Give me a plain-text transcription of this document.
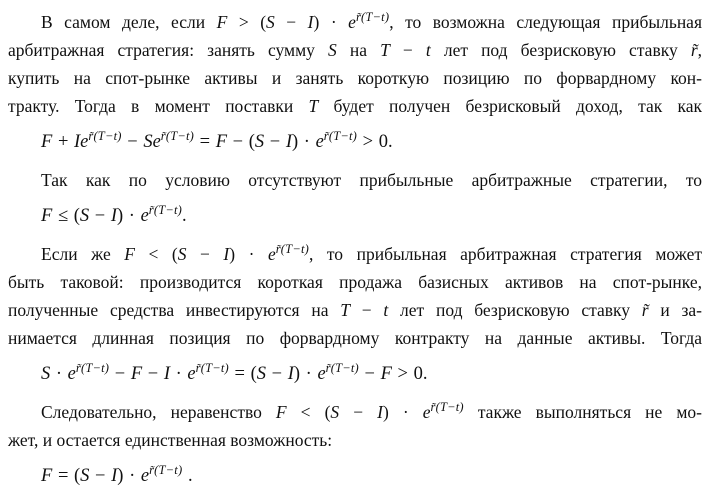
В самом деле, если $F > (S - I) \cdot e^{r̃(T-t)}$, то возможна следующая прибыльная
арбитражная стратегия: занять сумму S на T − t лет под безрисковую ставку r̃,
купить на спот-рынке активы и занять короткую позицию по форвардному кон-
тракту. Тогда в момент поставки T будет получен безрисковый доход, так как
$F + Ie^{r̃(T-t)} - Se^{r̃(T-t)} = F - (S - I) \cdot e^{r̃(T-t)} > 0$.
Так как по условию отсутствуют прибыльные арбитражные стратегии, то
$F \le (S - I) \cdot e^{r̃(T-t)}$.
Если же $F < (S - I) \cdot e^{r̃(T-t)}$, то прибыльная арбитражная стратегия может
быть таковой: производится короткая продажа базисных активов на спот-рынке,
полученные средства инвестируются на T − t лет под безрисковую ставку r̃ и за-
нимается длинная позиция по форвардному контракту на данные активы. Тогда
$S \cdot e^{r̃(T-t)} - F - I \cdot e^{r̃(T-t)} = (S - I) \cdot e^{r̃(T-t)} - F > 0$.
Следовательно, неравенство $F < (S - I) \cdot e^{r̃(T-t)}$ также выполняться не мо-
жет, и остается единственная возможность:
$F = (S - I) \cdot e^{r̃(T-t)}$ .
